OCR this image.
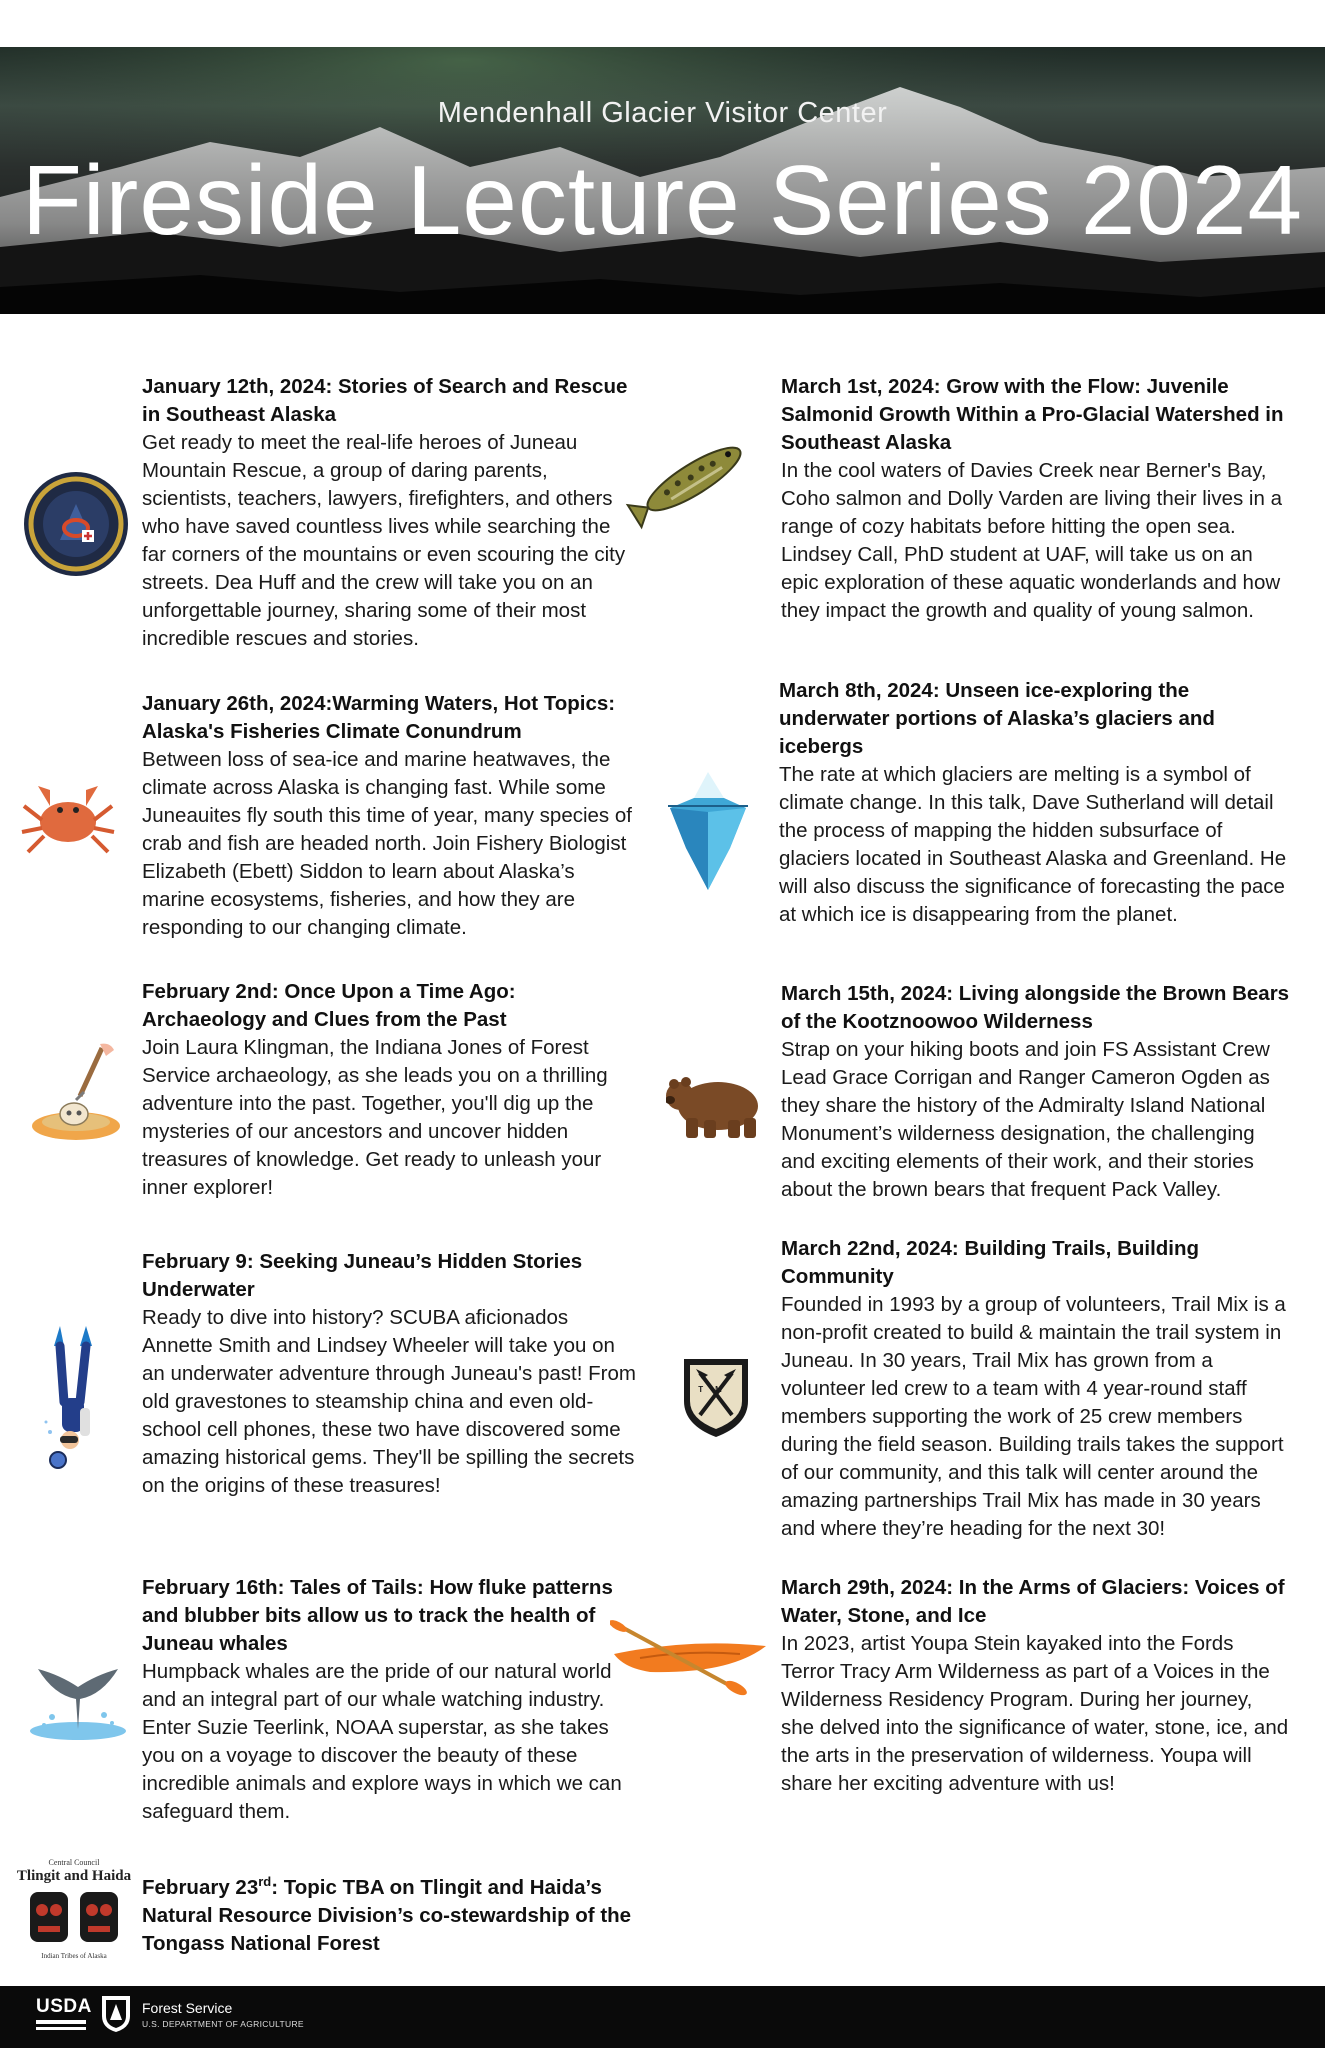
Mendenhall Glacier Visitor Center
Fireside Lecture Series 2024
January 12th, 2024: Stories of Search and Rescue in Southeast Alaska
Get ready to meet the real-life heroes of Juneau Mountain Rescue, a group of daring parents, scientists, teachers, lawyers, firefighters, and others who have saved countless lives while searching the far corners of the mountains or even scouring the city streets. Dea Huff and the crew will take you on an unforgettable journey, sharing some of their most incredible rescues and stories.
January 26th, 2024:Warming Waters, Hot Topics: Alaska's Fisheries Climate Conundrum
Between loss of sea-ice and marine heatwaves, the climate across Alaska is changing fast. While some Juneauites fly south this time of year, many species of crab and fish are headed north. Join Fishery Biologist Elizabeth (Ebett) Siddon to learn about Alaska’s marine ecosystems, fisheries, and how they are responding to our changing climate.
February 2nd: Once Upon a Time Ago: Archaeology and Clues from the Past
Join Laura Klingman, the Indiana Jones of Forest Service archaeology, as she leads you on a thrilling adventure into the past. Together, you'll dig up the mysteries of our ancestors and uncover hidden treasures of knowledge. Get ready to unleash your inner explorer!
February 9: Seeking Juneau’s Hidden Stories Underwater
Ready to dive into history? SCUBA aficionados Annette Smith and Lindsey Wheeler will take you on an underwater adventure through Juneau's past! From old gravestones to steamship china and even old-school cell phones, these two have discovered some amazing historical gems. They'll be spilling the secrets on the origins of these treasures!
February 16th: Tales of Tails: How fluke patterns and blubber bits allow us to track the health of Juneau whales
Humpback whales are the pride of our natural world and an integral part of our whale watching industry. Enter Suzie Teerlink, NOAA superstar, as she takes you on a voyage to discover the beauty of these incredible animals and explore ways in which we can safeguard them.
February 23rd: Topic TBA on Tlingit and Haida’s Natural Resource Division’s co-stewardship of the Tongass National Forest
Central Council
Tlingit and Haida
Indian Tribes of Alaska
March 1st, 2024: Grow with the Flow: Juvenile Salmonid Growth Within a Pro-Glacial Watershed in Southeast Alaska
In the cool waters of Davies Creek near Berner's Bay, Coho salmon and Dolly Varden are living their lives in a range of cozy habitats before hitting the open sea. Lindsey Call, PhD student at UAF, will take us on an epic exploration of these aquatic wonderlands and how they impact the growth and quality of young salmon.
March 8th, 2024: Unseen ice-exploring the underwater portions of Alaska’s glaciers and icebergs
The rate at which glaciers are melting is a symbol of climate change. In this talk, Dave Sutherland will detail the process of mapping the hidden subsurface of glaciers located in Southeast Alaska and Greenland. He will also discuss the significance of forecasting the pace at which ice is disappearing from the planet.
March 15th, 2024: Living alongside the Brown Bears of the Kootznoowoo Wilderness
Strap on your hiking boots and join FS Assistant Crew Lead Grace Corrigan and Ranger Cameron Ogden as they share the history of the Admiralty Island National Monument’s wilderness designation, the challenging and exciting elements of their work, and their stories about the brown bears that frequent Pack Valley.
March 22nd, 2024: Building Trails, Building Community
Founded in 1993 by a group of volunteers, Trail Mix is a non-profit created to build & maintain the trail system in Juneau. In 30 years, Trail Mix has grown from a volunteer led crew to a team with 4 year-round staff members supporting the work of 25 crew members during the field season. Building trails takes the support of our community, and this talk will center around the amazing partnerships Trail Mix has made in 30 years and where they’re heading for the next 30!
TM
March 29th, 2024: In the Arms of Glaciers: Voices of Water, Stone, and Ice
In 2023, artist Youpa Stein kayaked into the Fords Terror Tracy Arm Wilderness as part of a Voices in the Wilderness Residency Program. During her journey, she delved into the significance of water, stone, ice, and the arts in the preservation of wilderness. Youpa will share her exciting adventure with us!
USDA	Forest Service
U.S. DEPARTMENT OF AGRICULTURE
